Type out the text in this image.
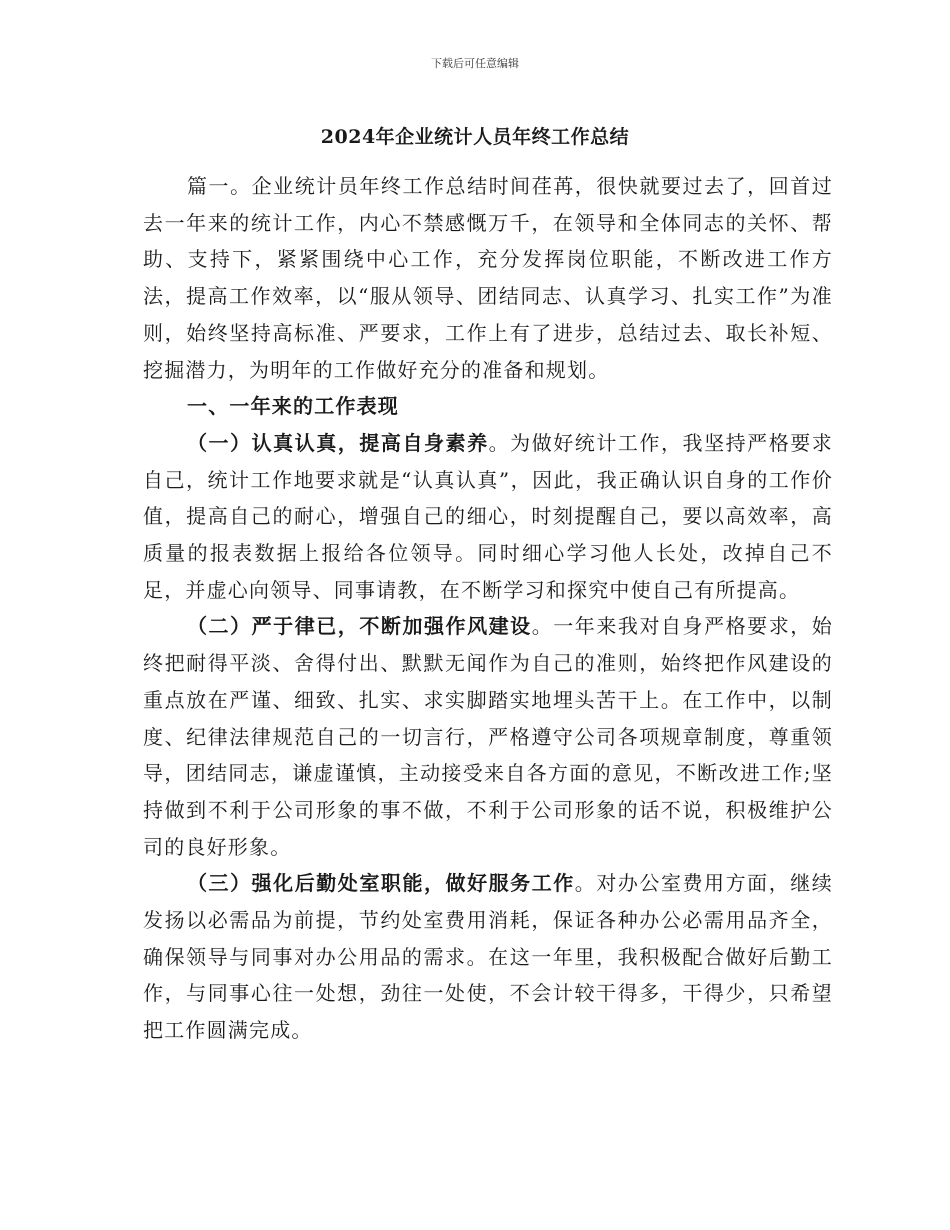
下载后可任意编辑
2024年企业统计人员年终工作总结

篇一。企业统计员年终工作总结时间荏苒，很快就要过去了，回首过去一年来的统计工作，内心不禁感慨万千，在领导和全体同志的关怀、帮助、支持下，紧紧围绕中心工作，充分发挥岗位职能，不断改进工作方法，提高工作效率，以“服从领导、团结同志、认真学习、扎实工作”为准则，始终坚持高标准、严要求，工作上有了进步，总结过去、取长补短、挖掘潜力，为明年的工作做好充分的准备和规划。

一、一年来的工作表现

（一）认真认真，提高自身素养。为做好统计工作，我坚持严格要求自己，统计工作地要求就是“认真认真”，因此，我正确认识自身的工作价值，提高自己的耐心，增强自己的细心，时刻提醒自己，要以高效率，高质量的报表数据上报给各位领导。同时细心学习他人长处，改掉自己不足，并虚心向领导、同事请教，在不断学习和探究中使自己有所提高。

（二）严于律已，不断加强作风建设。一年来我对自身严格要求，始终把耐得平淡、舍得付出、默默无闻作为自己的准则，始终把作风建设的重点放在严谨、细致、扎实、求实脚踏实地埋头苦干上。在工作中，以制度、纪律法律规范自己的一切言行，严格遵守公司各项规章制度，尊重领导，团结同志，谦虚谨慎，主动接受来自各方面的意见，不断改进工作;坚持做到不利于公司形象的事不做，不利于公司形象的话不说，积极维护公司的良好形象。

（三）强化后勤处室职能，做好服务工作。对办公室费用方面，继续发扬以必需品为前提，节约处室费用消耗，保证各种办公必需用品齐全，确保领导与同事对办公用品的需求。在这一年里，我积极配合做好后勤工作，与同事心往一处想，劲往一处使，不会计较干得多，干得少，只希望把工作圆满完成。
